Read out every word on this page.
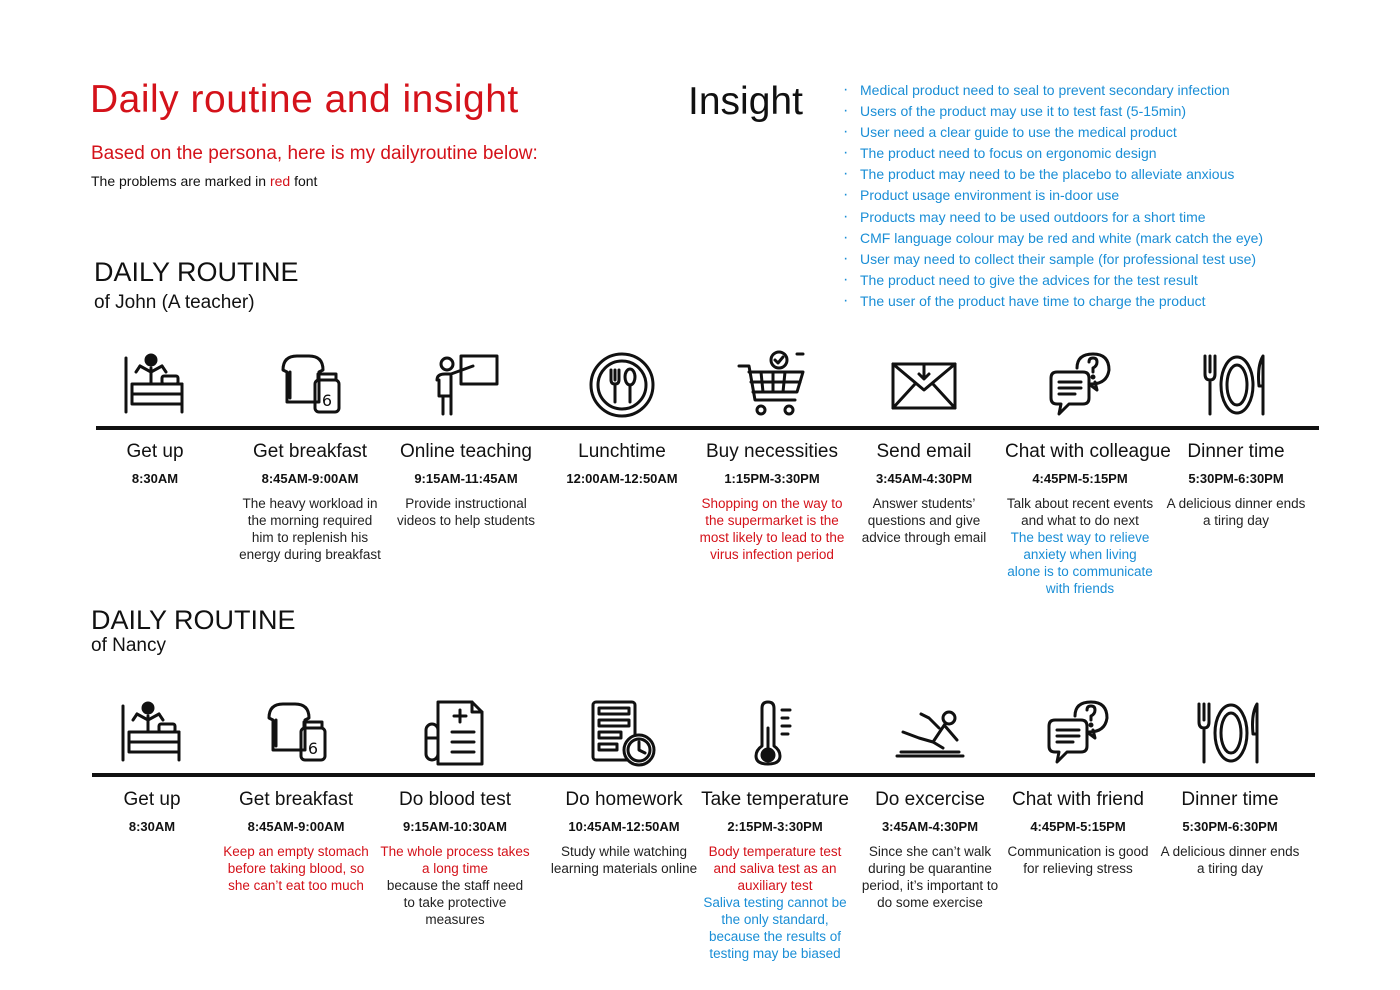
Daily routine and insight
Based on the persona, here is my dailyroutine below:
The problems are marked in red font
Insight
·	Medical product need to seal to prevent secondary infection
· Users of the product may use it to test fast (5-15min)
· User need a clear guide to use the medical product
· The product need to focus on ergonomic design
· The product may need to be the placebo to alleviate anxious
· Product usage environment is in-door use
· Products may need to be used outdoors for a short time
· CMF language colour may be red and white (mark catch the eye)
· User may need to collect their sample (for professional test use)
· The product need to give the advices for the test result
· The user of the product have time to charge the product
DAILY ROUTINE
of John (A teacher)
Get up
8:30AM
6
Get breakfast
8:45AM-9:00AM
The heavy workload in the morning required him to replenish his energy during breakfast
Online teaching
9:15AM-11:45AM
Provide instructional videos to help students
Lunchtime
12:00AM-12:50AM
Buy necessities
1:15PM-3:30PM
Shopping on the way to the supermarket is the most likely to lead to the virus infection period
Send email
3:45AM-4:30PM
Answer students’ questions and give advice through email
Chat with colleague
4:45PM-5:15PM
Talk about recent events and what to do next
The best way to relieve anxiety when living alone is to communicate with friends
Dinner time
5:30PM-6:30PM
A delicious dinner ends a tiring day
DAILY ROUTINE
of Nancy
Get up
8:30AM
6
Get breakfast
8:45AM-9:00AM
Keep an empty stomach before taking blood, so she can’t eat too much
Do blood test
9:15AM-10:30AM
The whole process takes a long time
because the staff need to take protective measures
Do homework
10:45AM-12:50AM
Study while watching learning materials online
Take temperature
2:15PM-3:30PM
Body temperature test and saliva test as an auxiliary test
Saliva testing cannot be the only standard, because the results of testing may be biased
Do excercise
3:45AM-4:30PM
Since she can’t walk during be quarantine period, it’s important to do some exercise
Chat with friend
4:45PM-5:15PM
Communication is good for relieving stress
Dinner time
5:30PM-6:30PM
A delicious dinner ends a tiring day
